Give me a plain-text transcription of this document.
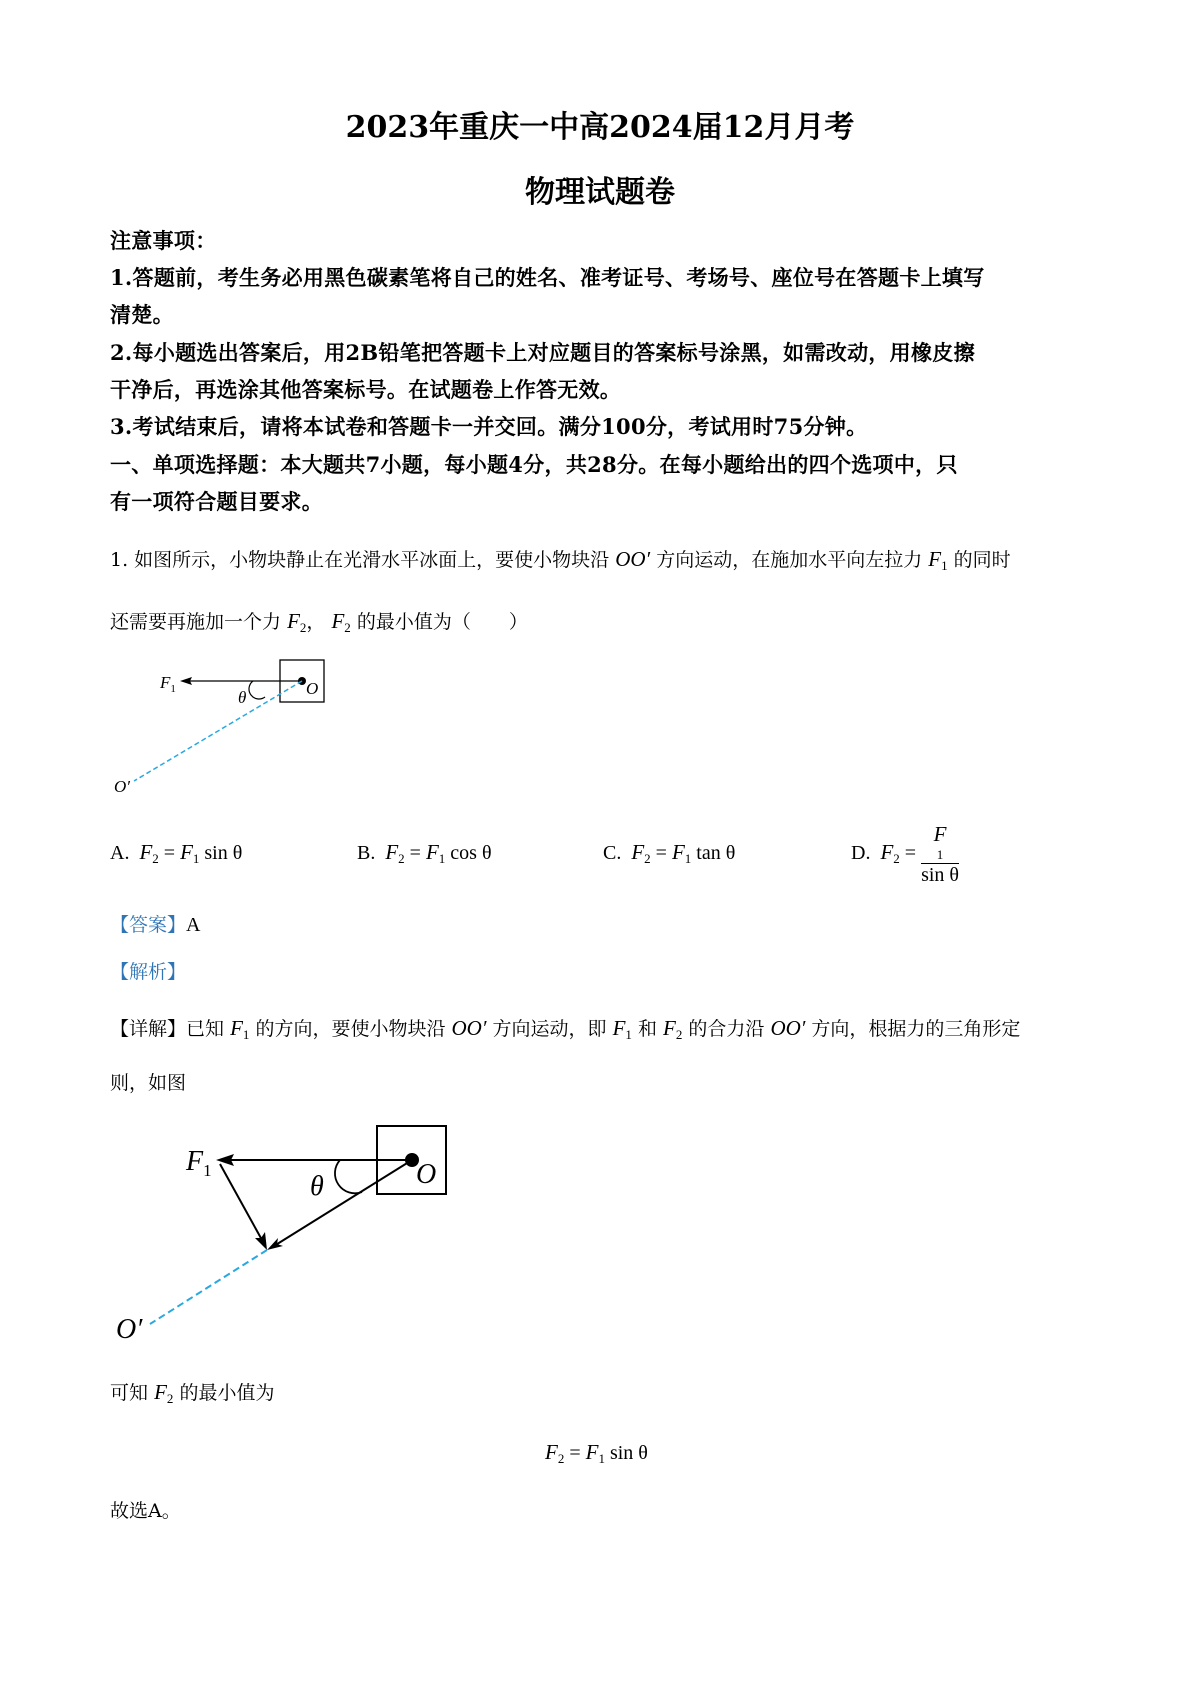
2023年重庆一中高2024届12月月考
物理试题卷
注意事项：
1.答题前，考生务必用黑色碳素笔将自己的姓名、准考证号、考场号、座位号在答题卡上填写
清楚。
2.每小题选出答案后，用2B铅笔把答题卡上对应题目的答案标号涂黑，如需改动，用橡皮擦
干净后，再选涂其他答案标号。在试题卷上作答无效。
3.考试结束后，请将本试卷和答题卡一并交回。满分100分，考试用时75分钟。
一、单项选择题：本大题共7小题，每小题4分，共28分。在每小题给出的四个选项中，只
有一项符合题目要求。
1. 如图所示，小物块静止在光滑水平冰面上，要使小物块沿 OO′ 方向运动，在施加水平向左拉力 $F_1$ 的同时
还需要再施加一个力 $F_2$， $F_2$ 的最小值为（　　）
$F_1$	θ	O
O′
$F_1$
θ	O
O′
A. $F_2 = F_1$ sin θ	B. $F_2 = F_1$ cos θ	C. $F_2 = F_1$ tan θ	D. $F_2 = F$
1
sin θ
【答案】A
【解析】
【详解】已知 $F_1$ 的方向，要使小物块沿 OO′ 方向运动，即 $F_1$ 和 $F_2$ 的合力沿 OO′ 方向，根据力的三角形定
则，如图
可知 $F_2$ 的最小值为
$F_2 = F_1$ sin θ
故选A。
